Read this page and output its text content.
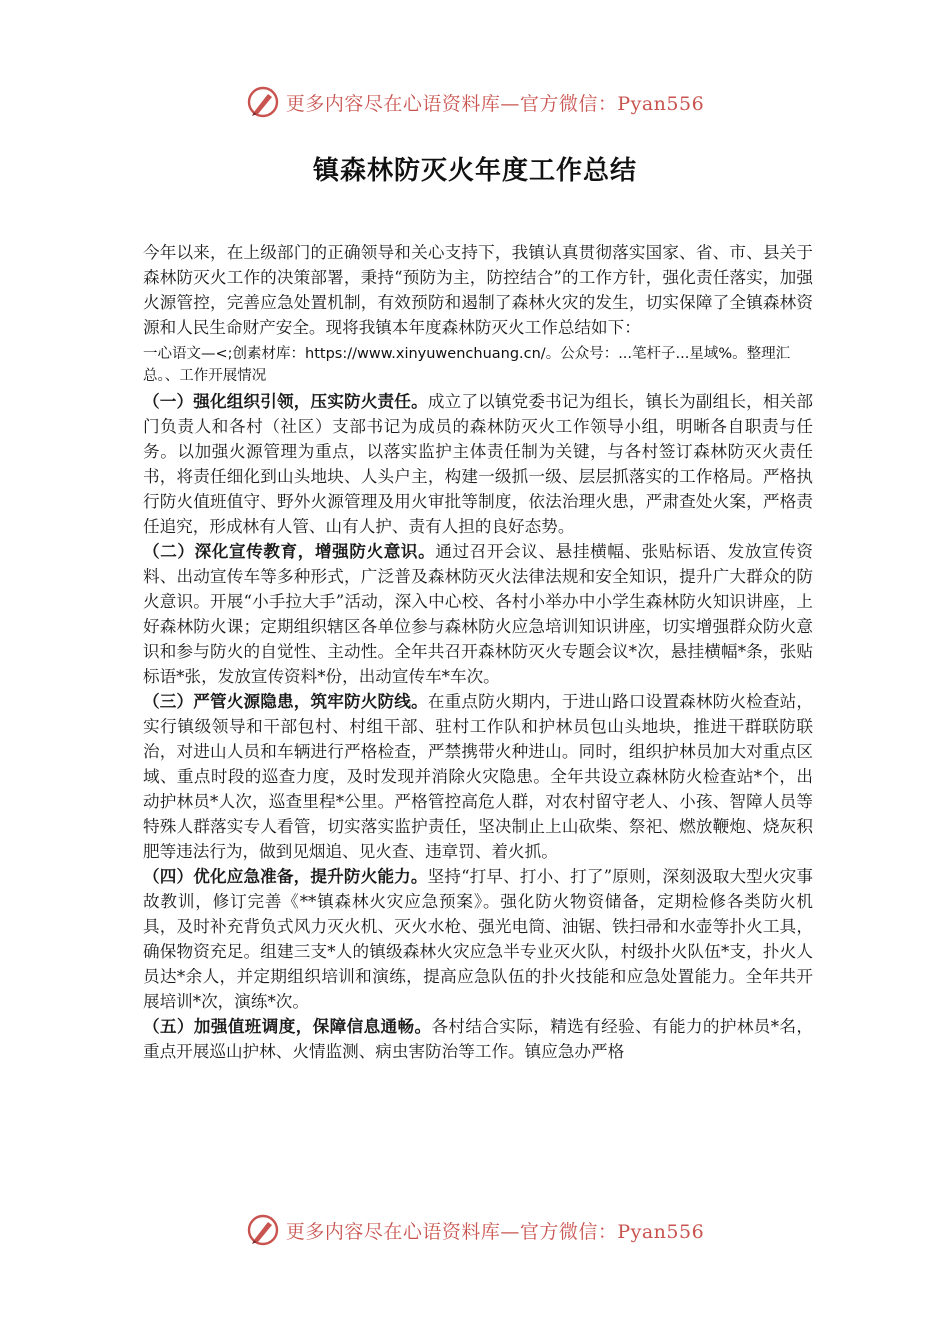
更多内容尽在心语资料库—官方微信：Pyan556
镇森林防灭火年度工作总结

今年以来，在上级部门的正确领导和关心支持下，我镇认真贯彻落实国家、省、市、县关于森林防灭火工作的决策部署，秉持“预防为主，防控结合”的工作方针，强化责任落实，加强火源管控，完善应急处置机制，有效预防和遏制了森林火灾的发生，切实保障了全镇森林资源和人民生命财产安全。现将我镇本年度森林防灭火工作总结如下：

一心语文—<;创素材库：https://www.xinyuwenchuang.cn/。公众号：...笔杆子...星域%。整理汇总。、工作开展情况

（一）强化组织引领，压实防火责任。成立了以镇党委书记为组长，镇长为副组长，相关部门负责人和各村（社区）支部书记为成员的森林防灭火工作领导小组，明晰各自职责与任务。以加强火源管理为重点，以落实监护主体责任制为关键，与各村签订森林防灭火责任书，将责任细化到山头地块、人头户主，构建一级抓一级、层层抓落实的工作格局。严格执行防火值班值守、野外火源管理及用火审批等制度，依法治理火患，严肃查处火案，严格责任追究，形成林有人管、山有人护、责有人担的良好态势。

（二）深化宣传教育，增强防火意识。通过召开会议、悬挂横幅、张贴标语、发放宣传资料、出动宣传车等多种形式，广泛普及森林防灭火法律法规和安全知识，提升广大群众的防火意识。开展“小手拉大手”活动，深入中心校、各村小举办中小学生森林防火知识讲座，上好森林防火课；定期组织辖区各单位参与森林防火应急培训知识讲座，切实增强群众防火意识和参与防火的自觉性、主动性。全年共召开森林防灭火专题会议*次，悬挂横幅*条，张贴标语*张，发放宣传资料*份，出动宣传车*车次。

（三）严管火源隐患，筑牢防火防线。在重点防火期内，于进山路口设置森林防火检查站，实行镇级领导和干部包村、村组干部、驻村工作队和护林员包山头地块，推进干群联防联治，对进山人员和车辆进行严格检查，严禁携带火种进山。同时，组织护林员加大对重点区域、重点时段的巡查力度，及时发现并消除火灾隐患。全年共设立森林防火检查站*个，出动护林员*人次，巡查里程*公里。严格管控高危人群，对农村留守老人、小孩、智障人员等特殊人群落实专人看管，切实落实监护责任，坚决制止上山砍柴、祭祀、燃放鞭炮、烧灰积肥等违法行为，做到见烟追、见火查、违章罚、着火抓。

（四）优化应急准备，提升防火能力。坚持“打早、打小、打了”原则，深刻汲取大型火灾事故教训，修订完善《**镇森林火灾应急预案》。强化防火物资储备，定期检修各类防火机具，及时补充背负式风力灭火机、灭火水枪、强光电筒、油锯、铁扫帚和水壶等扑火工具，确保物资充足。组建三支*人的镇级森林火灾应急半专业灭火队，村级扑火队伍*支，扑火人员达*余人，并定期组织培训和演练，提高应急队伍的扑火技能和应急处置能力。全年共开展培训*次，演练*次。

（五）加强值班调度，保障信息通畅。各村结合实际，精选有经验、有能力的护林员*名，重点开展巡山护林、火情监测、病虫害防治等工作。镇应急办严格

更多内容尽在心语资料库—官方微信：Pyan556
